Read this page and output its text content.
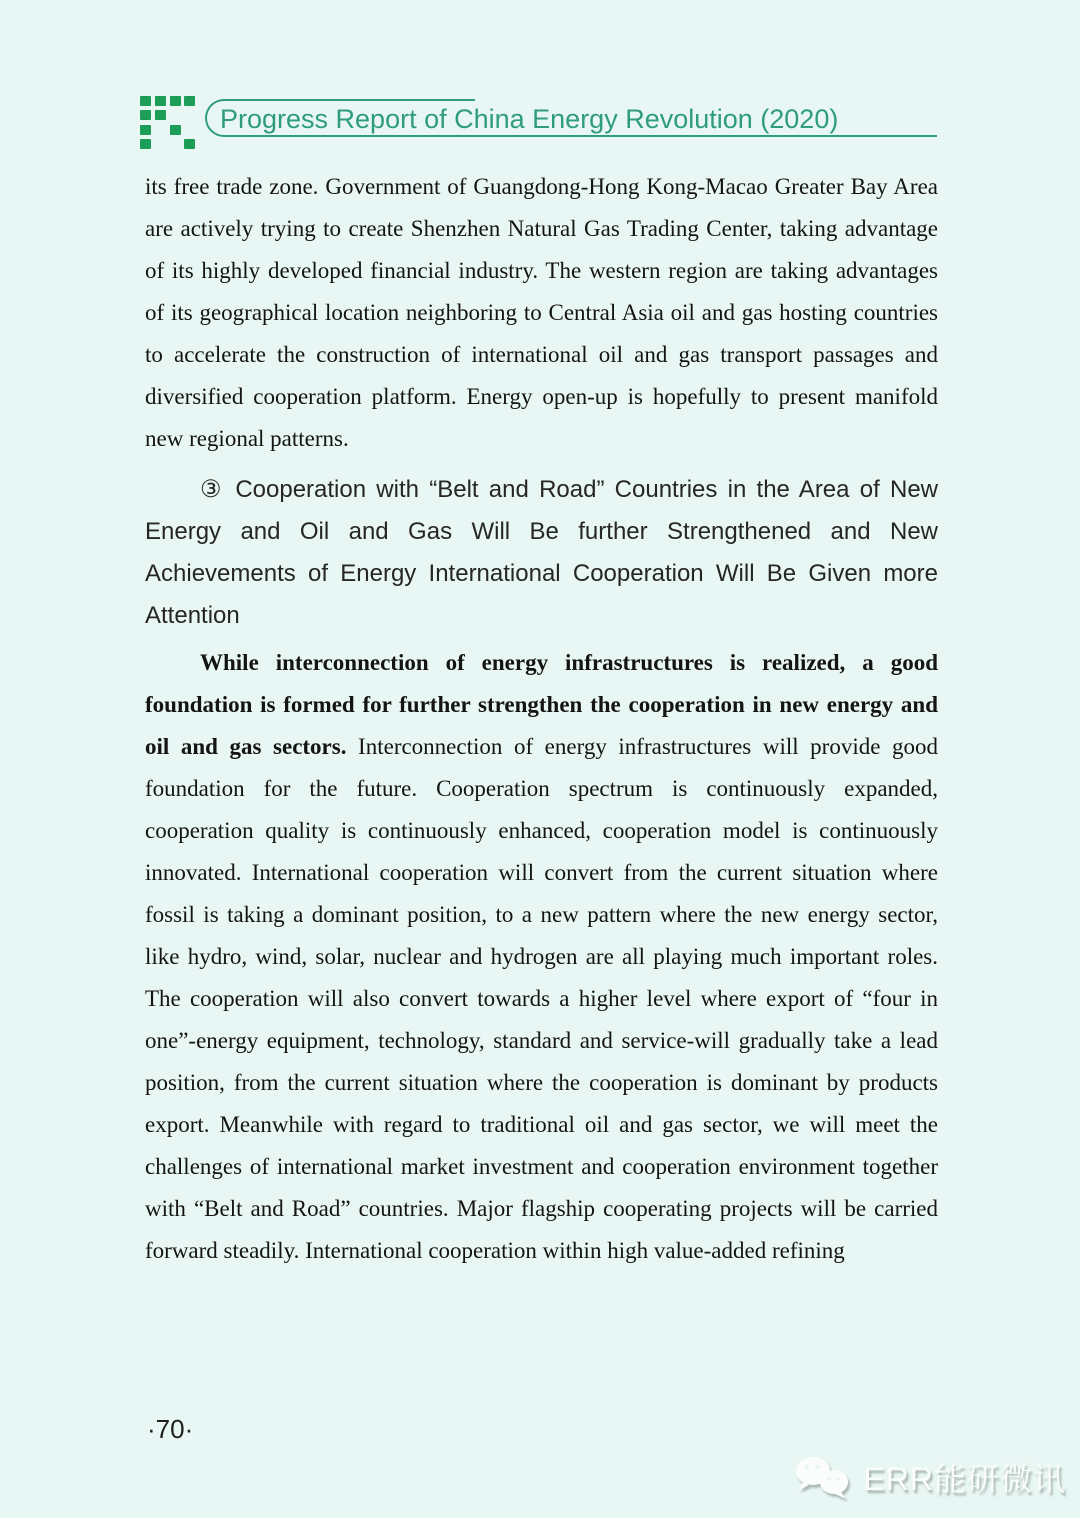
Progress Report of China Energy Revolution (2020)

its free trade zone. Government of Guangdong-Hong Kong-Macao Greater Bay Area are actively trying to create Shenzhen Natural Gas Trading Center, taking advantage of its highly developed financial industry. The western region are taking advantages of its geographical location neighboring to Central Asia oil and gas hosting countries to accelerate the construction of international oil and gas transport passages and diversified cooperation platform. Energy open-up is hopefully to present manifold new regional patterns.

③ Cooperation with “Belt and Road” Countries in the Area of New Energy and Oil and Gas Will Be further Strengthened and New Achievements of Energy International Cooperation Will Be Given more Attention

While interconnection of energy infrastructures is realized, a good foundation is formed for further strengthen the cooperation in new energy and oil and gas sectors. Interconnection of energy infrastructures will provide good foundation for the future. Cooperation spectrum is continuously expanded, cooperation quality is continuously enhanced, cooperation model is continuously innovated. International cooperation will convert from the current situation where fossil is taking a dominant position, to a new pattern where the new energy sector, like hydro, wind, solar, nuclear and hydrogen are all playing much important roles. The cooperation will also convert towards a higher level where export of “four in one”-energy equipment, technology, standard and service-will gradually take a lead position, from the current situation where the cooperation is dominant by products export. Meanwhile with regard to traditional oil and gas sector, we will meet the challenges of international market investment and cooperation environment together with “Belt and Road” countries. Major flagship cooperating projects will be carried forward steadily. International cooperation within high value-added refining

·70·
ERR能研微讯
